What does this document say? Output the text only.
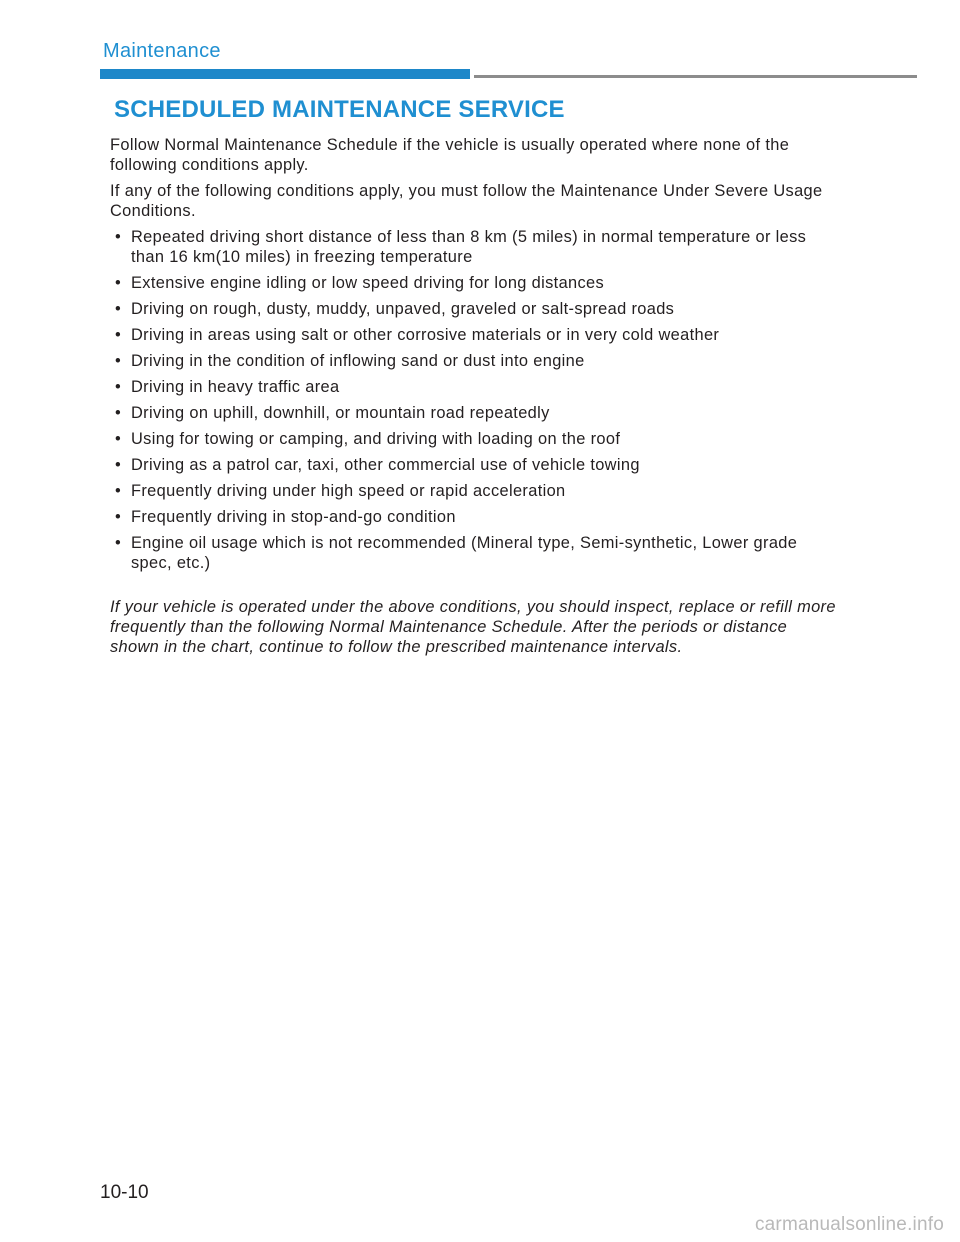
Maintenance
SCHEDULED MAINTENANCE SERVICE

Follow Normal Maintenance Schedule if the vehicle is usually operated where none of the following conditions apply.

If any of the following conditions apply, you must follow the Maintenance Under Severe Usage Conditions.

• Repeated driving short distance of less than 8 km (5 miles) in normal temperature or less than 16 km(10 miles) in freezing temperature
• Extensive engine idling or low speed driving for long distances
• Driving on rough, dusty, muddy, unpaved, graveled or salt-spread roads
• Driving in areas using salt or other corrosive materials or in very cold weather
• Driving in the condition of inflowing sand or dust into engine
• Driving in heavy traffic area
• Driving on uphill, downhill, or mountain road repeatedly
• Using for towing or camping, and driving with loading on the roof
• Driving as a patrol car, taxi, other commercial use of vehicle towing
• Frequently driving under high speed or rapid acceleration
• Frequently driving in stop-and-go condition
• Engine oil usage which is not recommended (Mineral type, Semi-synthetic, Lower grade spec, etc.)

If your vehicle is operated under the above conditions, you should inspect, replace or refill more frequently than the following Normal Maintenance Schedule. After the periods or distance shown in the chart, continue to follow the prescribed maintenance intervals.

10-10
carmanualsonline.info
